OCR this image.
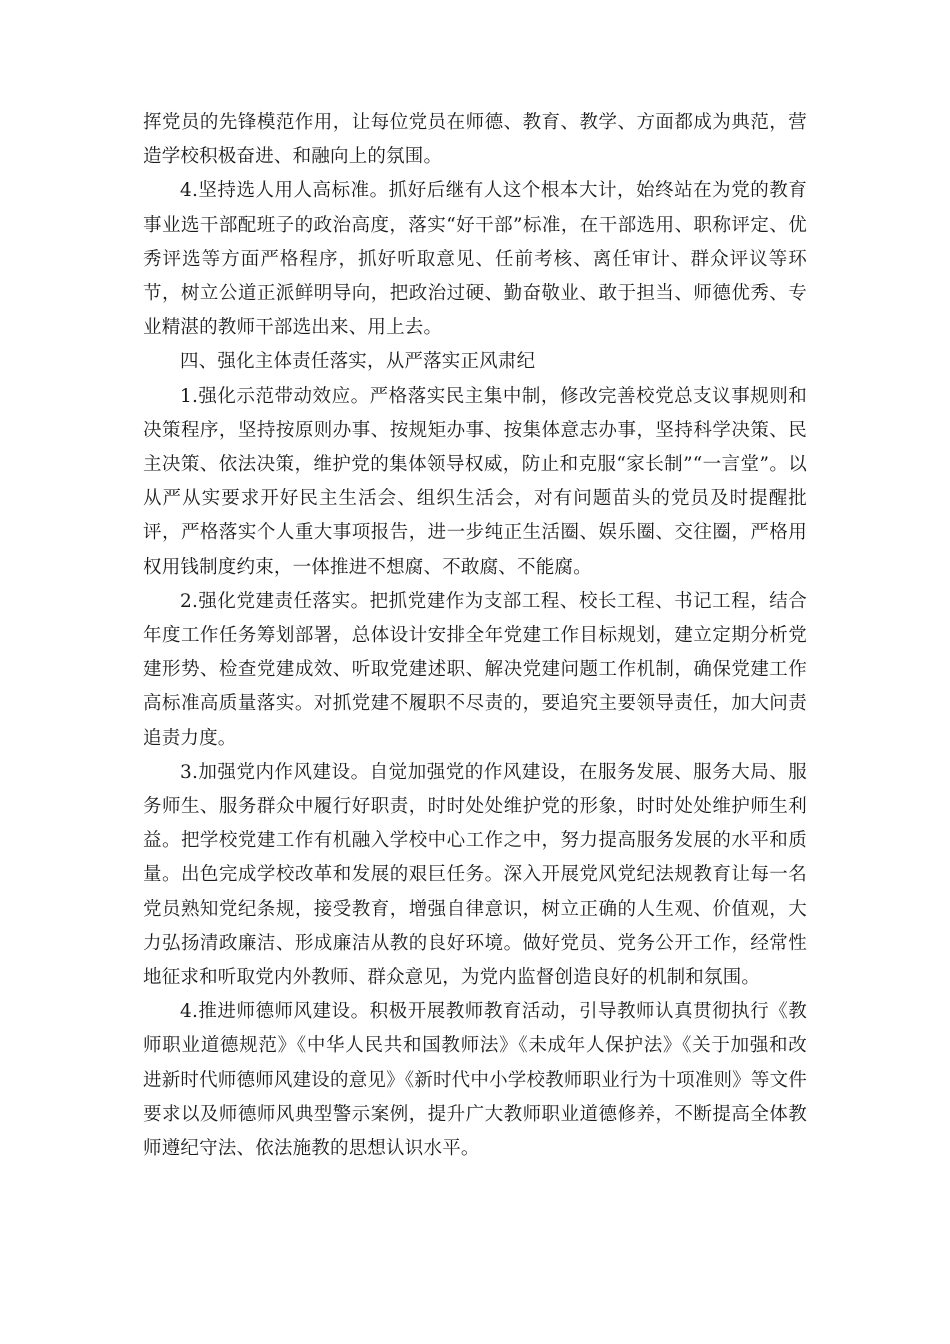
挥党员的先锋模范作用，让每位党员在师德、教育、教学、方面都成为典范，营造学校积极奋进、和融向上的氛围。

4.坚持选人用人高标准。抓好后继有人这个根本大计，始终站在为党的教育事业选干部配班子的政治高度，落实“好干部”标准，在干部选用、职称评定、优秀评选等方面严格程序，抓好听取意见、任前考核、离任审计、群众评议等环节，树立公道正派鲜明导向，把政治过硬、勤奋敬业、敢于担当、师德优秀、专业精湛的教师干部选出来、用上去。

四、强化主体责任落实，从严落实正风肃纪

1.强化示范带动效应。严格落实民主集中制，修改完善校党总支议事规则和决策程序，坚持按原则办事、按规矩办事、按集体意志办事，坚持科学决策、民主决策、依法决策，维护党的集体领导权威，防止和克服“家长制”“一言堂”。以从严从实要求开好民主生活会、组织生活会，对有问题苗头的党员及时提醒批评，严格落实个人重大事项报告，进一步纯正生活圈、娱乐圈、交往圈，严格用权用钱制度约束，一体推进不想腐、不敢腐、不能腐。

2.强化党建责任落实。把抓党建作为支部工程、校长工程、书记工程，结合年度工作任务筹划部署，总体设计安排全年党建工作目标规划，建立定期分析党建形势、检查党建成效、听取党建述职、解决党建问题工作机制，确保党建工作高标准高质量落实。对抓党建不履职不尽责的，要追究主要领导责任，加大问责追责力度。

3.加强党内作风建设。自觉加强党的作风建设，在服务发展、服务大局、服务师生、服务群众中履行好职责，时时处处维护党的形象，时时处处维护师生利益。把学校党建工作有机融入学校中心工作之中，努力提高服务发展的水平和质量。出色完成学校改革和发展的艰巨任务。深入开展党风党纪法规教育让每一名党员熟知党纪条规，接受教育，增强自律意识，树立正确的人生观、价值观，大力弘扬清政廉洁、形成廉洁从教的良好环境。做好党员、党务公开工作，经常性地征求和听取党内外教师、群众意见，为党内监督创造良好的机制和氛围。

4.推进师德师风建设。积极开展教师教育活动，引导教师认真贯彻执行《教师职业道德规范》《中华人民共和国教师法》《未成年人保护法》《关于加强和改进新时代师德师风建设的意见》《新时代中小学校教师职业行为十项准则》等文件要求以及师德师风典型警示案例，提升广大教师职业道德修养，不断提高全体教师遵纪守法、依法施教的思想认识水平。
